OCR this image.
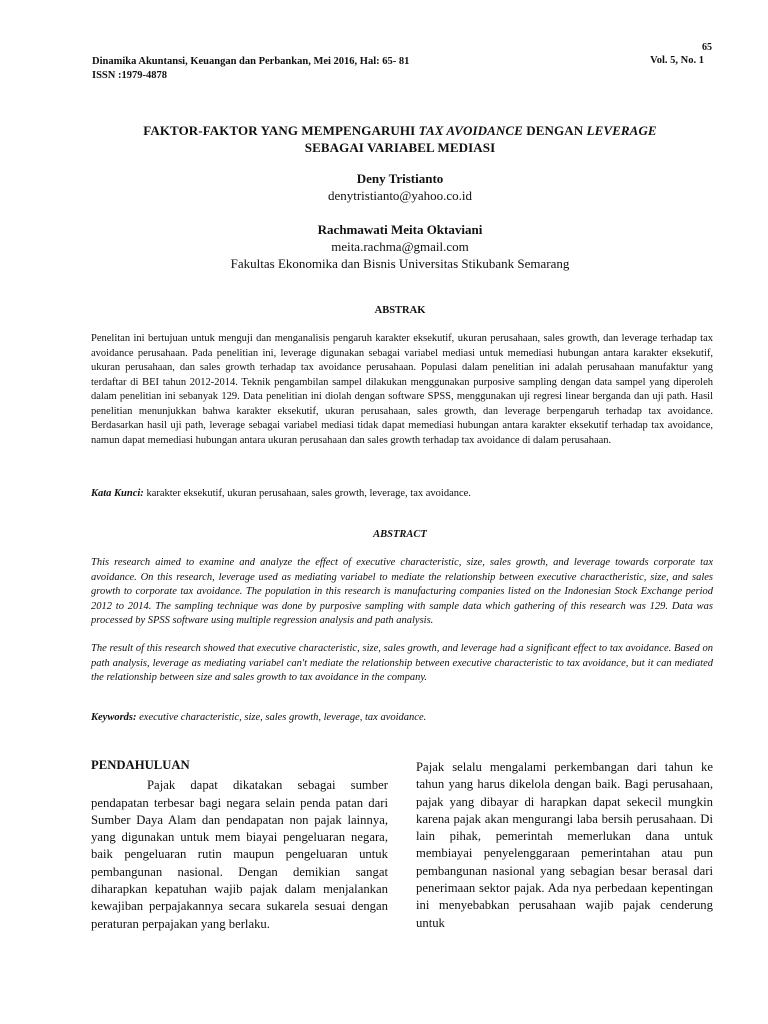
65
Dinamika Akuntansi, Keuangan dan Perbankan, Mei 2016, Hal: 65- 81
ISSN :1979-4878
Vol. 5, No. 1
FAKTOR-FAKTOR YANG MEMPENGARUHI TAX AVOIDANCE DENGAN LEVERAGE
SEBAGAI VARIABEL MEDIASI
Deny Tristianto
denytristianto@yahoo.co.id
Rachmawati Meita Oktaviani
meita.rachma@gmail.com
Fakultas Ekonomika dan Bisnis Universitas Stikubank Semarang
ABSTRAK
Penelitan ini bertujuan untuk menguji dan menganalisis pengaruh karakter eksekutif, ukuran perusahaan, sales growth, dan leverage terhadap tax avoidance perusahaan. Pada penelitian ini, leverage digunakan sebagai variabel mediasi untuk memediasi hubungan antara karakter eksekutif, ukuran perusahaan, dan sales growth terhadap tax avoidance perusahaan. Populasi dalam penelitian ini adalah perusahaan manufaktur yang terdaftar di BEI tahun 2012-2014. Teknik pengambilan sampel dilakukan menggunakan purposive sampling dengan data sampel yang diperoleh dalam penelitian ini sebanyak 129. Data penelitian ini diolah dengan software SPSS, menggunakan uji regresi linear berganda dan uji path. Hasil penelitian menunjukkan bahwa karakter eksekutif, ukuran perusahaan, sales growth, dan leverage berpengaruh terhadap tax avoidance. Berdasarkan hasil uji path, leverage sebagai variabel mediasi tidak dapat memediasi hubungan antara karakter eksekutif terhadap tax avoidance, namun dapat memediasi hubungan antara ukuran perusahaan dan sales growth terhadap tax avoidance di dalam perusahaan.
Kata Kunci: karakter eksekutif, ukuran perusahaan, sales growth, leverage, tax avoidance.
ABSTRACT
This research aimed to examine and analyze the effect of executive characteristic, size, sales growth, and leverage towards corporate tax avoidance. On this research, leverage used as mediating variabel to mediate the relationship between executive charactheristic, size, and sales growth to corporate tax avoidance. The population in this research is manufacturing companies listed on the Indonesian Stock Exchange period 2012 to 2014. The sampling technique was done by purposive sampling with sample data which gathering of this research was 129. Data was processed by SPSS software using multiple regression analysis and path analysis.
The result of this research showed that executive characteristic, size, sales growth, and leverage had a significant effect to tax avoidance. Based on path analysis, leverage as mediating variabel can't mediate the relationship between executive characteristic to tax avoidance, but it can mediated the relationship between size and sales growth to tax avoidance in the company.
Keywords: executive characteristic, size, sales growth, leverage, tax avoidance.
PENDAHULUAN

Pajak dapat dikatakan sebagai sumber pendapatan terbesar bagi negara selain penda patan dari Sumber Daya Alam dan pendapatan non pajak lainnya, yang digunakan untuk mem biayai pengeluaran negara, baik pengeluaran rutin maupun pengeluaran untuk pembangunan nasional. Dengan demikian sangat diharapkan kepatuhan wajib pajak dalam menjalankan kewajiban perpajakannya secara sukarela sesuai dengan peraturan perpajakan yang berlaku.

Pajak selalu mengalami perkembangan dari tahun ke tahun yang harus dikelola dengan baik. Bagi perusahaan, pajak yang dibayar di harapkan dapat sekecil mungkin karena pajak akan mengurangi laba bersih perusahaan. Di lain pihak, pemerintah memerlukan dana untuk membiayai penyelenggaraan pemerintahan atau pun pembangunan nasional yang sebagian besar berasal dari penerimaan sektor pajak. Ada nya perbedaan kepentingan ini menyebabkan perusahaan wajib pajak cenderung untuk
